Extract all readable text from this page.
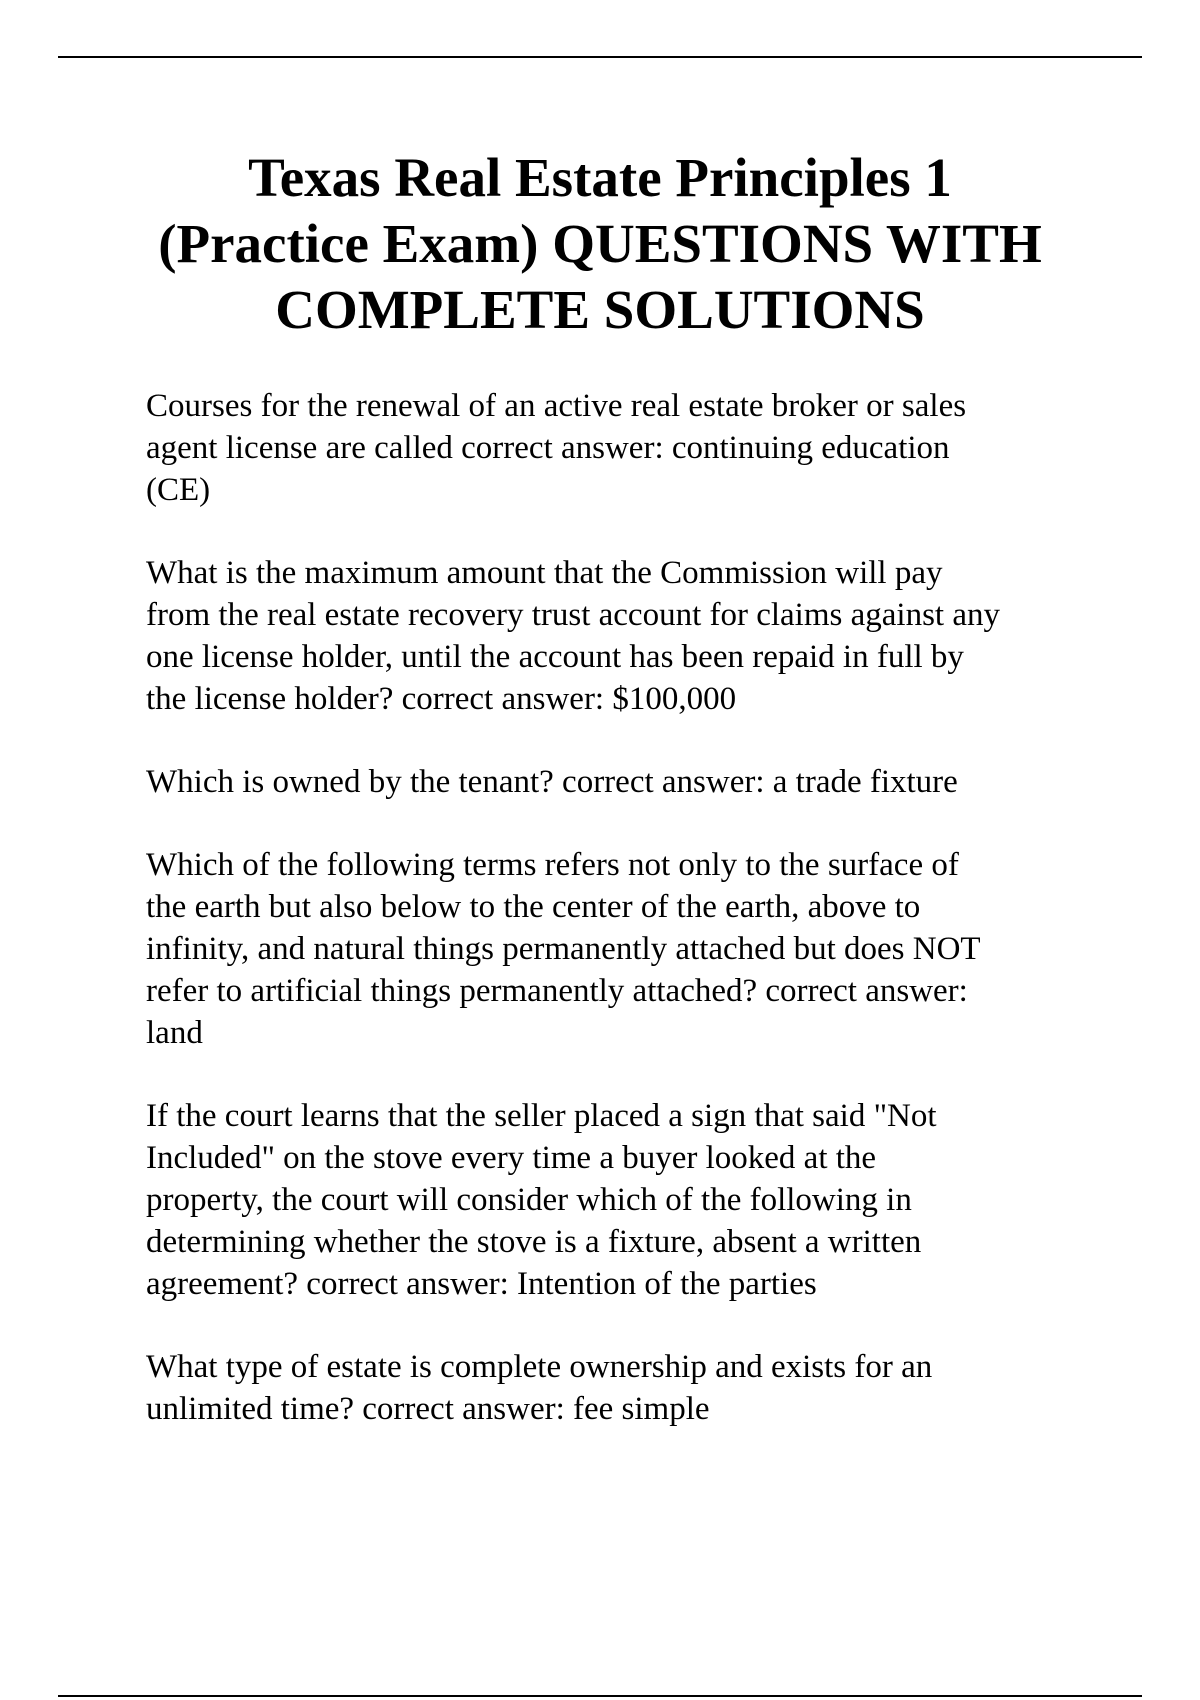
Texas Real Estate Principles 1
(Practice Exam) QUESTIONS WITH
COMPLETE SOLUTIONS
Courses for the renewal of an active real estate broker or sales
agent license are called correct answer: continuing education
(CE)
What is the maximum amount that the Commission will pay
from the real estate recovery trust account for claims against any
one license holder, until the account has been repaid in full by
the license holder? correct answer: $100,000
Which is owned by the tenant? correct answer: a trade fixture
Which of the following terms refers not only to the surface of
the earth but also below to the center of the earth, above to
infinity, and natural things permanently attached but does NOT
refer to artificial things permanently attached? correct answer:
land
If the court learns that the seller placed a sign that said "Not
Included" on the stove every time a buyer looked at the
property, the court will consider which of the following in
determining whether the stove is a fixture, absent a written
agreement? correct answer: Intention of the parties
What type of estate is complete ownership and exists for an
unlimited time? correct answer: fee simple
